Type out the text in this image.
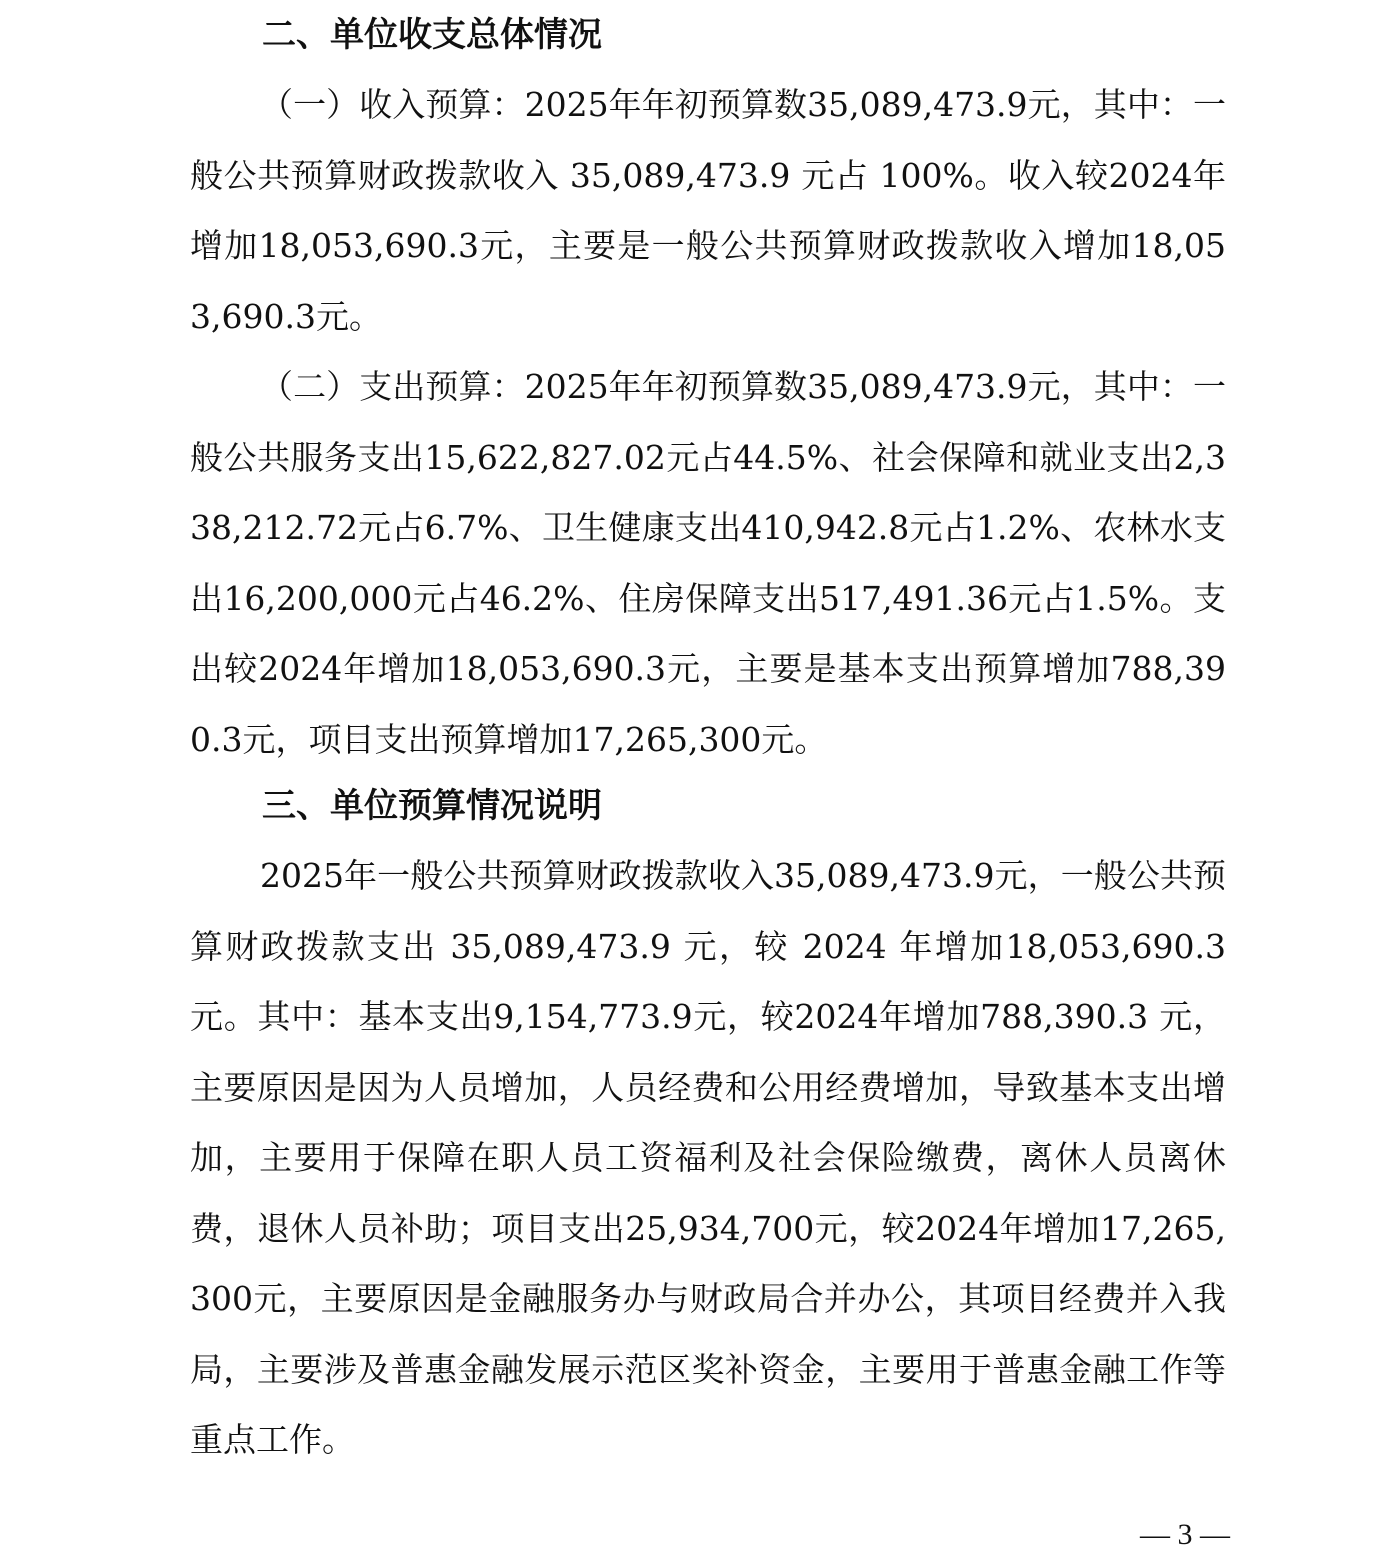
二、单位收支总体情况

（一）收入预算：2025年年初预算数35,089,473.9元，其中：一般公共预算财政拨款收入 35,089,473.9 元占 100%。收入较2024年增加18,053,690.3元，主要是一般公共预算财政拨款收入增加18,053,690.3元。

（二）支出预算：2025年年初预算数35,089,473.9元，其中：一般公共服务支出15,622,827.02元占44.5%、社会保障和就业支出2,338,212.72元占6.7%、卫生健康支出410,942.8元占1.2%、农林水支出16,200,000元占46.2%、住房保障支出517,491.36元占1.5%。支出较2024年增加18,053,690.3元，主要是基本支出预算增加788,390.3元，项目支出预算增加17,265,300元。

三、单位预算情况说明

2025年一般公共预算财政拨款收入35,089,473.9元，一般公共预算财政拨款支出 35,089,473.9 元，较 2024 年增加18,053,690.3元。其中：基本支出9,154,773.9元，较2024年增加788,390.3 元，主要原因是因为人员增加，人员经费和公用经费增加，导致基本支出增加，主要用于保障在职人员工资福利及社会保险缴费，离休人员离休费，退休人员补助；项目支出25,934,700元，较2024年增加17,265,300元，主要原因是金融服务办与财政局合并办公，其项目经费并入我局，主要涉及普惠金融发展示范区奖补资金，主要用于普惠金融工作等重点工作。

— 3 —
